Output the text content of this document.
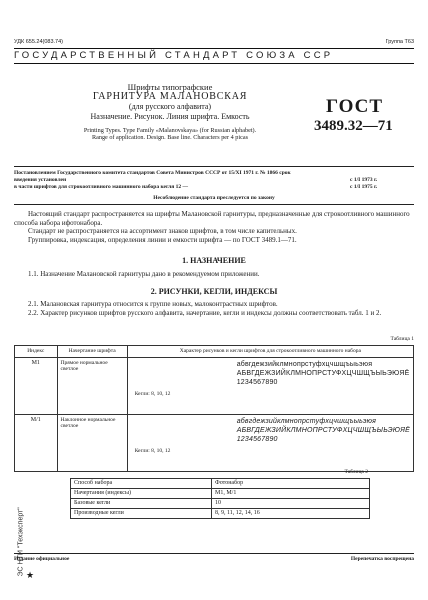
УДК 655.24(083.74)	Группа Т63
ГОСУДАРСТВЕННЫЙ СТАНДАРТ СОЮЗА ССР
Шрифты типографские
ГАРНИТУРА МАЛАНОВСКАЯ
(для русского алфавита)
Назначение. Рисунок. Линия шрифта. Емкость
Printing Types. Type Family «Malanovskaya» (for Russian alphabet).
Range of application. Design. Base line. Characters per 4 picas
ГОСТ
3489.32—71
Постановлением Государственного комитета стандартов Совета Министров СССР от 15/XI 1971 г. № 1866 срок
введения установлен
в части шрифтов для строкоотливного машинного набора кегля 12 —
с 1/I 1973 г.
с 1/I 1975 г.
Несоблюдение стандарта преследуется по закону
Настоящий стандарт распространяется на шрифты Малановской гарнитуры, предназначенные для строкоотливного машинного способа набора ифотонабора.
Стандарт не распространяется на ассортимент знаков шрифтов, в том числе капительных.
Группировка, индексация, определения линии и емкости шрифта — по ГОСТ 3489.1—71.
1. НАЗНАЧЕНИЕ
1.1. Назначение Малановской гарнитуры дано в рекомендуемом приложении.
2. РИСУНКИ, КЕГЛИ, ИНДЕКСЫ
2.1. Малановская гарнитура относится к группе новых, малоконтрастных шрифтов.
2.2. Характер рисунков шрифтов русского алфавита, начертание, кегли и индексы должны соответствовать табл. 1 и 2.
Таблица 1
Индекс	Начертание шрифта	Характер рисунков и кегли шрифтов для строкоотливного машинного набора
М1	Прямое нормальное светлое	абвгдежзийклмнопрстуфхцчшщъыьэюя
АБВГДЕЖЗИЙКЛМНОПРСТУФХЦЧШЩЪЫЬЭЮЯЁ
1234567890
Кегли: 8, 10, 12

М/1	Наклонное нормальное светлое	абвгдежзийклмнопрстуфхцчшщъыьэюя
АБВГДЕЖЗИЙКЛМНОПРСТУФХЦЧШЩЪЫЬЭЮЯЁ
1234567890
Кегли: 8, 10, 12
Таблица 2
Способ набора	Фотонабор
Начертания (индексы)	М1, М/1
Базовые кегли	10
Производные кегли	8, 9, 11, 12, 14, 16
ЭС НТИ "Техэксперт"
Издание официальное	Перепечатка воспрещена
★
